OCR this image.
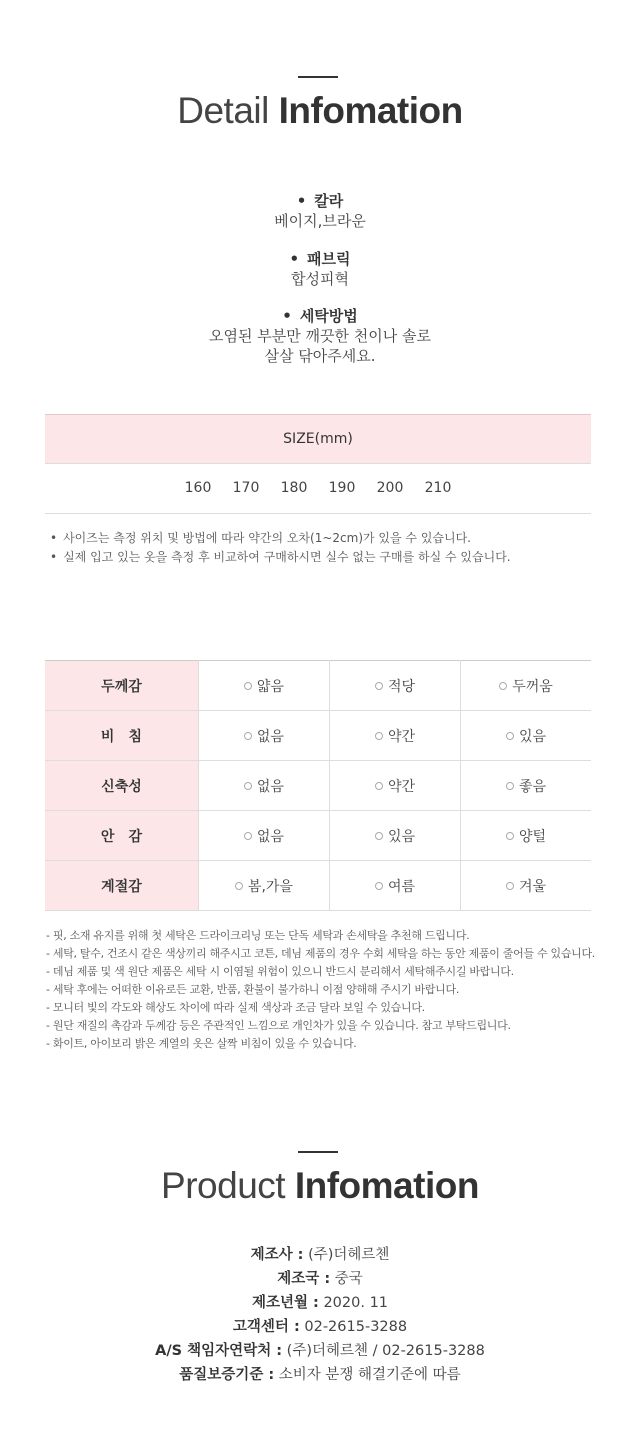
Detail Infomation
• 칼라
베이지,브라운
• 패브릭
합성피혁
• 세탁방법
오염된 부분만 깨끗한 천이나 솔로
살살 닦아주세요.
SIZE(mm)
160	170	180	190	200	210
• 사이즈는 측정 위치 및 방법에 따라 약간의 오차(1~2cm)가 있을 수 있습니다.
• 실제 입고 있는 옷을 측정 후 비교하여 구매하시면 실수 없는 구매를 하실 수 있습니다.
두께감	얇음	적당	두꺼움
비　침	없음	약간	있음
신축성	없음	약간	좋음
안　감	없음	있음	양털
계절감	봄,가을	여름	겨울
- 핏, 소재 유지를 위해 첫 세탁은 드라이크리닝 또는 단독 세탁과 손세탁을 추천해 드립니다.
- 세탁, 탈수, 건조시 같은 색상끼리 해주시고 코튼, 데님 제품의 경우 수회 세탁을 하는 동안 제품이 줄어들 수 있습니다.
- 데님 제품 및 색 원단 제품은 세탁 시 이염될 위험이 있으니 반드시 분리해서 세탁해주시길 바랍니다.
- 세탁 후에는 어떠한 이유로든 교환, 반품, 환불이 불가하니 이점 양해해 주시기 바랍니다.
- 모니터 빛의 각도와 해상도 차이에 따라 실제 색상과 조금 달라 보일 수 있습니다.
- 원단 재질의 촉감과 두께감 등은 주관적인 느낌으로 개인차가 있을 수 있습니다. 참고 부탁드립니다.
- 화이트, 아이보리 밝은 계열의 옷은 살짝 비침이 있을 수 있습니다.
Product Infomation
제조사 : (주)더헤르첸
제조국 : 중국
제조년월 : 2020. 11
고객센터 : 02-2615-3288
A/S 책임자연락처 : (주)더헤르첸 / 02-2615-3288
품질보증기준 : 소비자 분쟁 해결기준에 따름
